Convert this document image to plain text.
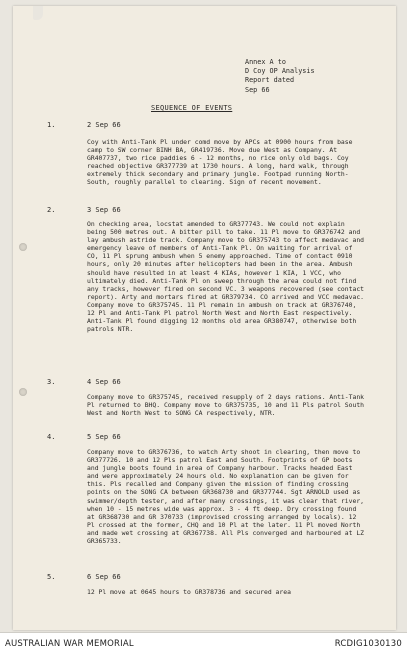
Annex A to
D Coy OP Analysis
Report dated
Sep 66
SEQUENCE OF EVENTS
1.	2 Sep 66
Coy with Anti-Tank Pl under comd move by APCs at 0900 hours from base camp to SW corner BINH BA, GR419736. Move due West as Company. At GR407737, two rice paddies 6 - 12 months, no rice only old bags. Coy reached objective GR377739 at 1730 hours. A long, hard walk, through extremely thick secondary and primary jungle. Footpad running North-South, roughly parallel to clearing. Sign of recent movement.
2.	3 Sep 66
On checking area, locstat amended to GR377743. We could not explain being 500 metres out. A bitter pill to take. 11 Pl move to GR376742 and lay ambush astride track. Company move to GR375743 to affect medavac and emergency leave of members of Anti-Tank Pl. On waiting for arrival of CO, 11 Pl sprung ambush when 5 enemy approached. Time of contact 0910 hours, only 20 minutes after helicopters had been in the area. Ambush should have resulted in at least 4 KIAs, however 1 KIA, 1 VCC, who ultimately died. Anti-Tank Pl on sweep through the area could not find any tracks, however fired on second VC. 3 weapons recovered (see contact report). Arty and mortars fired at GR379734. CO arrived and VCC medavac. Company move to GR375745. 11 Pl remain in ambush on track at GR376740, 12 Pl and Anti-Tank Pl patrol North West and North East respectively. Anti-Tank Pl found digging 12 months old area GR380747, otherwise both patrols NTR.
3.	4 Sep 66
Company move to GR375745, received resupply of 2 days rations. Anti-Tank Pl returned to BHQ. Company move to GR375735, 10 and 11 Pls patrol South West and North West to SONG CA respectively, NTR.
4.	5 Sep 66
Company move to GR376736, to watch Arty shoot in clearing, then move to GR377726. 10 and 12 Pls patrol East and South. Footprints of GP boots and jungle boots found in area of Company harbour. Tracks headed East and were approximately 24 hours old. No explanation can be given for this. Pls recalled and Company given the mission of finding crossing points on the SONG CA between GR368730 and GR377744. Sgt ARNOLD used as swimmer/depth tester, and after many crossings, it was clear that river, when 10 - 15 metres wide was approx. 3 - 4 ft deep. Dry crossing found at GR368730 and GR 370733 (improvised crossing arranged by locals). 12 Pl crossed at the former, CHQ and 10 Pl at the later. 11 Pl moved North and made wet crossing at GR367738. All Pls converged and harboured at LZ GR365733.
5.	6 Sep 66
12 Pl move at 0645 hours to GR378736 and secured area
AUSTRALIAN WAR MEMORIAL	RCDIG1030130
